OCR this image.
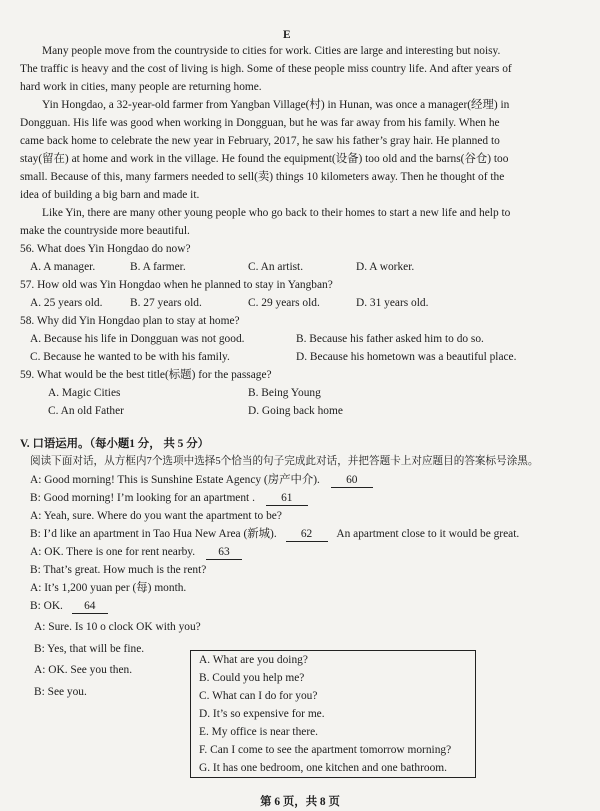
E
Many people move from the countryside to cities for work. Cities are large and interesting but noisy.
The traffic is heavy and the cost of living is high. Some of these people miss country life. And after years of
hard work in cities, many people are returning home.
Yin Hongdao, a 32-year-old farmer from Yangban Village(村) in Hunan, was once a manager(经理) in
Dongguan. His life was good when working in Dongguan, but he was far away from his family. When he
came back home to celebrate the new year in February, 2017, he saw his father’s gray hair. He planned to
stay(留在) at home and work in the village. He found the equipment(设备) too old and the barns(谷仓) too
small. Because of this, many farmers needed to sell(卖) things 10 kilometers away. Then he thought of the
idea of building a big barn and made it.
Like Yin, there are many other young people who go back to their homes to start a new life and help to
make the countryside more beautiful.
56. What does Yin Hongdao do now?
A. A manager.	B. A farmer.	C. An artist.	D. A worker.
57. How old was Yin Hongdao when he planned to stay in Yangban?
A. 25 years old. B. 27 years old.	C. 29 years old.	D. 31 years old.
58. Why did Yin Hongdao plan to stay at home?
A. Because his life in Dongguan was not good.	B. Because his father asked him to do so.
C. Because he wanted to be with his family.	D. Because his hometown was a beautiful place.
59. What would be the best title(标题) for the passage?
A. Magic Cities	B. Being Young
C. An old Father	D. Going back home
V. 口语运用。（每小题1 分， 共 5 分）
阅读下面对话，从方框内7个选项中选择5个恰当的句子完成此对话，并把答题卡上对应题目的答案标号涂黑。
A: Good morning! This is Sunshine Estate Agency (房产中介). 60
B: Good morning! I’m looking for an apartment . 61
A: Yeah, sure. Where do you want the apartment to be?
B: I’d like an apartment in Tao Hua New Area (新城). 62 An apartment close to it would be great.
A: OK. There is one for rent nearby. 63
B: That’s great. How much is the rent?
A: It’s 1,200 yuan per (每) month.
B: OK. 64
A: Sure. Is 10 o clock OK with you?
B: Yes, that will be fine.
A: OK. See you then.
B: See you.
A. What are you doing?
B. Could you help me?
C. What can I do for you?
D. It’s so expensive for me.
E. My office is near there.
F. Can I come to see the apartment tomorrow morning?
G. It has one bedroom, one kitchen and one bathroom.
第 6 页，共 8 页
